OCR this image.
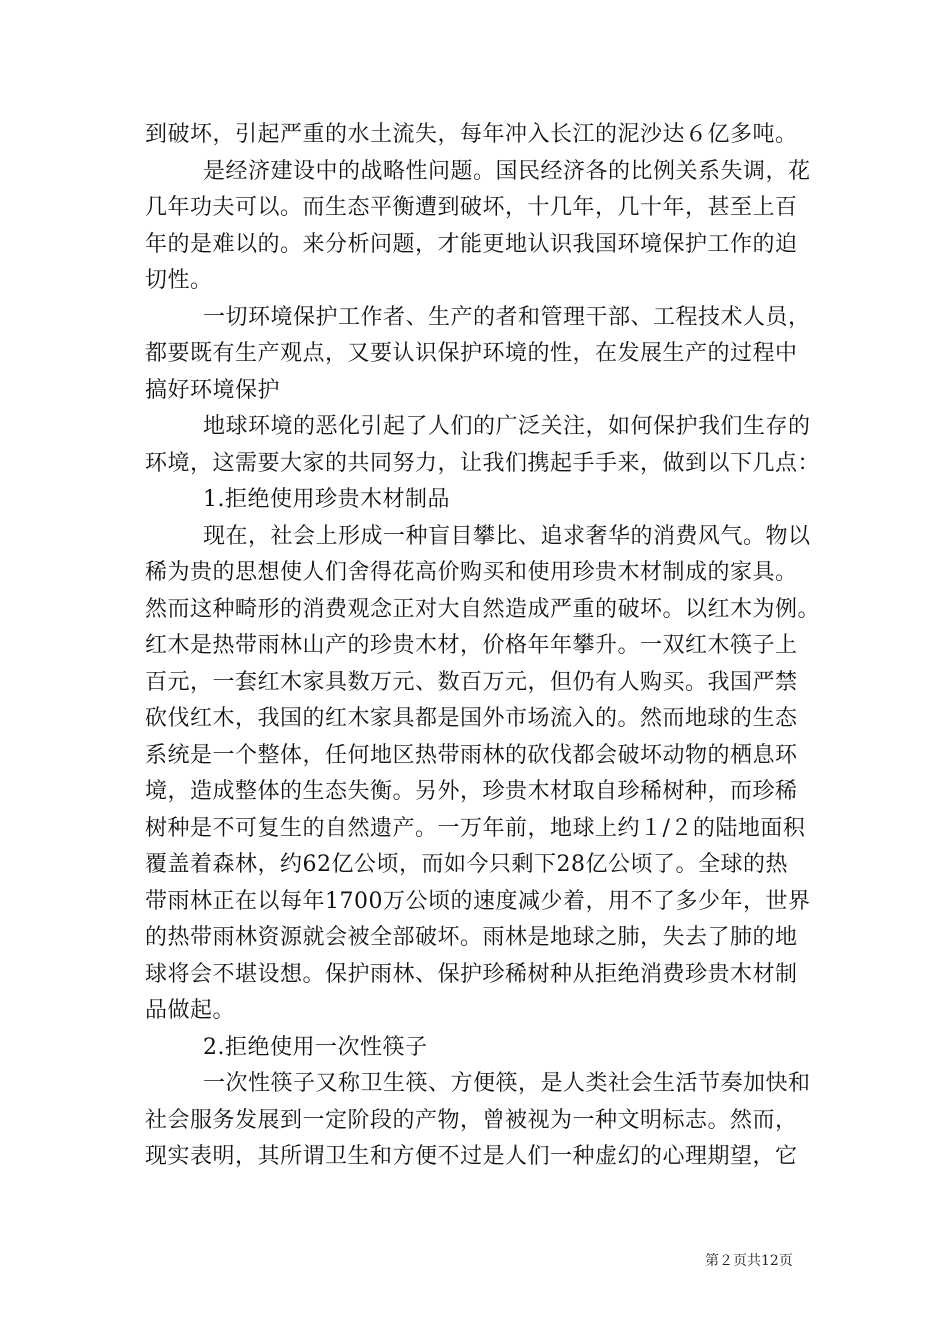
到破坏，引起严重的水土流失，每年冲入长江的泥沙达６亿多吨。
是经济建设中的战略性问题。国民经济各的比例关系失调，花
几年功夫可以。而生态平衡遭到破坏，十几年，几十年，甚至上百
年的是难以的。来分析问题，才能更地认识我国环境保护工作的迫
切性。
一切环境保护工作者、生产的者和管理干部、工程技术人员，
都要既有生产观点，又要认识保护环境的性，在发展生产的过程中
搞好环境保护
地球环境的恶化引起了人们的广泛关注，如何保护我们生存的
环境，这需要大家的共同努力，让我们携起手手来，做到以下几点：
1.拒绝使用珍贵木材制品
现在，社会上形成一种盲目攀比、追求奢华的消费风气。物以
稀为贵的思想使人们舍得花高价购买和使用珍贵木材制成的家具。
然而这种畸形的消费观念正对大自然造成严重的破坏。以红木为例。
红木是热带雨林山产的珍贵木材，价格年年攀升。一双红木筷子上
百元，一套红木家具数万元、数百万元，但仍有人购买。我国严禁
砍伐红木，我国的红木家具都是国外市场流入的。然而地球的生态
系统是一个整体，任何地区热带雨林的砍伐都会破坏动物的栖息环
境，造成整体的生态失衡。另外，珍贵木材取自珍稀树种，而珍稀
树种是不可复生的自然遗产。一万年前，地球上约１/２的陆地面积
覆盖着森林，约62亿公顷，而如今只剩下28亿公顷了。全球的热
带雨林正在以每年1700万公顷的速度减少着，用不了多少年，世界
的热带雨林资源就会被全部破坏。雨林是地球之肺，失去了肺的地
球将会不堪设想。保护雨林、保护珍稀树种从拒绝消费珍贵木材制
品做起。
2.拒绝使用一次性筷子
一次性筷子又称卫生筷、方便筷，是人类社会生活节奏加快和
社会服务发展到一定阶段的产物，曾被视为一种文明标志。然而，
现实表明，其所谓卫生和方便不过是人们一种虚幻的心理期望，它
第２页共12页
